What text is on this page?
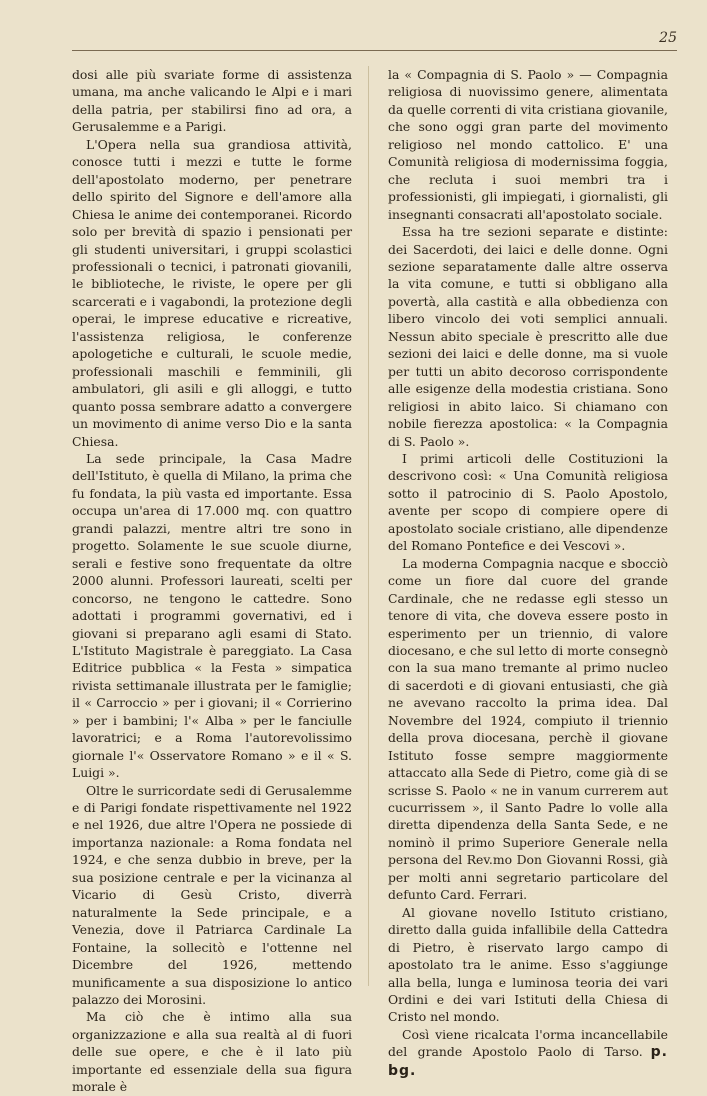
25

dosi alle più svariate forme di assistenza umana, ma anche valicando le Alpi e i mari della patria, per stabilirsi fino ad ora, a Gerusalemme e a Parigi.

L'Opera nella sua grandiosa attività, conosce tutti i mezzi e tutte le forme dell'apostolato moderno, per penetrare dello spirito del Signore e dell'amore alla Chiesa le anime dei contemporanei. Ricordo solo per brevità di spazio i pensionati per gli studenti universitari, i gruppi scolastici professionali o tecnici, i patronati giovanili, le biblioteche, le riviste, le opere per gli scarcerati e i vagabondi, la protezione degli operai, le imprese educative e ricreative, l'assistenza religiosa, le conferenze apologetiche e culturali, le scuole medie, professionali maschili e femminili, gli ambulatori, gli asili e gli alloggi, e tutto quanto possa sembrare adatto a convergere un movimento di anime verso Dio e la santa Chiesa.

La sede principale, la Casa Madre dell'Istituto, è quella di Milano, la prima che fu fondata, la più vasta ed importante. Essa occupa un'area di 17.000 mq. con quattro grandi palazzi, mentre altri tre sono in progetto. Solamente le sue scuole diurne, serali e festive sono frequentate da oltre 2000 alunni. Professori laureati, scelti per concorso, ne tengono le cattedre. Sono adottati i programmi governativi, ed i giovani si preparano agli esami di Stato. L'Istituto Magistrale è pareggiato. La Casa Editrice pubblica « la Festa » simpatica rivista settimanale illustrata per le famiglie; il « Carroccio » per i giovani; il « Corrierino » per i bambini; l'« Alba » per le fanciulle lavoratrici; e a Roma l'autorevolissimo giornale l'« Osservatore Romano » e il « S. Luigi ».

Oltre le surricordate sedi di Gerusalemme e di Parigi fondate rispettivamente nel 1922 e nel 1926, due altre l'Opera ne possiede di importanza nazionale: a Roma fondata nel 1924, e che senza dubbio in breve, per la sua posizione centrale e per la vicinanza al Vicario di Gesù Cristo, diverrà naturalmente la Sede principale, e a Venezia, dove il Patriarca Cardinale La Fontaine, la sollecitò e l'ottenne nel Dicembre del 1926, mettendo munificamente a sua disposizione lo antico palazzo dei Morosini.

Ma ciò che è intimo alla sua organizzazione e alla sua realtà al di fuori delle sue opere, e che è il lato più importante ed essenziale della sua figura morale è

la « Compagnia di S. Paolo » — Compagnia religiosa di nuovissimo genere, alimentata da quelle correnti di vita cristiana giovanile, che sono oggi gran parte del movimento religioso nel mondo cattolico. E' una Comunità religiosa di modernissima foggia, che recluta i suoi membri tra i professionisti, gli impiegati, i giornalisti, gli insegnanti consacrati all'apostolato sociale.

Essa ha tre sezioni separate e distinte: dei Sacerdoti, dei laici e delle donne. Ogni sezione separatamente dalle altre osserva la vita comune, e tutti si obbligano alla povertà, alla castità e alla obbedienza con libero vincolo dei voti semplici annuali. Nessun abito speciale è prescritto alle due sezioni dei laici e delle donne, ma si vuole per tutti un abito decoroso corrispondente alle esigenze della modestia cristiana. Sono religiosi in abito laico. Si chiamano con nobile fierezza apostolica: « la Compagnia di S. Paolo ».

I primi articoli delle Costituzioni la descrivono così: « Una Comunità religiosa sotto il patrocinio di S. Paolo Apostolo, avente per scopo di compiere opere di apostolato sociale cristiano, alle dipendenze del Romano Pontefice e dei Vescovi ».

La moderna Compagnia nacque e sbocciò come un fiore dal cuore del grande Cardinale, che ne redasse egli stesso un tenore di vita, che doveva essere posto in esperimento per un triennio, di valore diocesano, e che sul letto di morte consegnò con la sua mano tremante al primo nucleo di sacerdoti e di giovani entusiasti, che già ne avevano raccolto la prima idea. Dal Novembre del 1924, compiuto il triennio della prova diocesana, perchè il giovane Istituto fosse sempre maggiormente attaccato alla Sede di Pietro, come già di se scrisse S. Paolo « ne in vanum currerem aut cucurrissem », il Santo Padre lo volle alla diretta dipendenza della Santa Sede, e ne nominò il primo Superiore Generale nella persona del Rev.mo Don Giovanni Rossi, già per molti anni segretario particolare del defunto Card. Ferrari.

Al giovane novello Istituto cristiano, diretto dalla guida infallibile della Cattedra di Pietro, è riservato largo campo di apostolato tra le anime. Esso s'aggiunge alla bella, lunga e luminosa teoria dei vari Ordini e dei vari Istituti della Chiesa di Cristo nel mondo.

Così viene ricalcata l'orma incancellabile del grande Apostolo Paolo di Tarso. p. bg.
